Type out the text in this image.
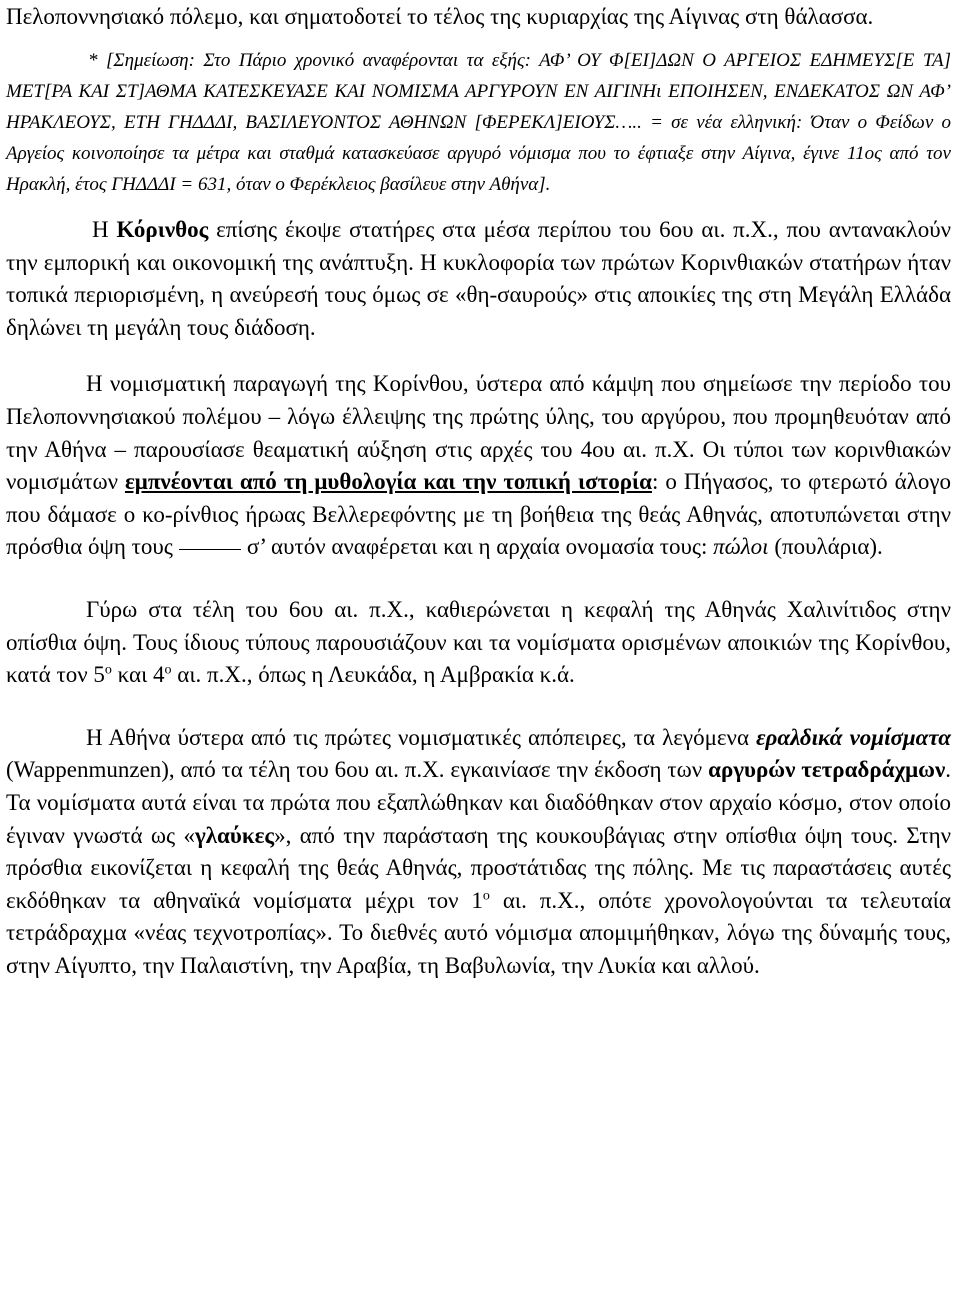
Πελοποννησιακό πόλεμο, και σηματοδοτεί το τέλος της κυριαρχίας της Αίγινας στη θάλασσα.

* [Σημείωση: Στο Πάριο χρονικό αναφέρονται τα εξής: ΑΦ’ ΟΥ Φ[ΕΙ]ΔΩΝ Ο ΑΡΓΕΙΟΣ ΕΔΗΜΕΥΣ[Ε ΤΑ] ΜΕΤ[ΡΑ ΚΑΙ ΣΤ]ΑΘΜΑ ΚΑΤΕΣΚΕΥΑΣΕ ΚΑΙ ΝΟΜΙΣΜΑ ΑΡΓΥΡΟΥΝ ΕΝ ΑΙΓΙΝΗι ΕΠΟΙΗΣΕΝ, ΕΝΔΕΚΑΤΟΣ ΩΝ ΑΦ’ ΗΡΑΚΛΕΟΥΣ, ΕΤΗ ΓΗΔΔΔΙ, ΒΑΣΙΛΕΥΟΝΤΟΣ ΑΘΗΝΩΝ [ΦΕΡΕΚΛ]ΕΙΟΥΣ….. = σε νέα ελληνική: Όταν ο Φείδων ο Αργείος κοινοποίησε τα μέτρα και σταθμά κατασκεύασε αργυρό νόμισμα που το έφτιαξε στην Αίγινα, έγινε 11ος από τον Ηρακλή, έτος ΓΗΔΔΔΙ = 631, όταν ο Φερέκλειος βασίλευε στην Αθήνα].

Η Κόρινθος επίσης έκοψε στατήρες στα μέσα περίπου του 6ου αι. π.Χ., που αντανακλούν την εμπορική και οικονομική της ανάπτυξη. Η κυκλοφορία των πρώτων Κορινθιακών στατήρων ήταν τοπικά περιορισμένη, η ανεύρεσή τους όμως σε «θη-σαυρούς» στις αποικίες της στη Μεγάλη Ελλάδα δηλώνει τη μεγάλη τους διάδοση.

Η νομισματική παραγωγή της Κορίνθου, ύστερα από κάμψη που σημείωσε την περίοδο του Πελοποννησιακού πολέμου – λόγω έλλειψης της πρώτης ύλης, του αργύρου, που προμηθευόταν από την Αθήνα – παρουσίασε θεαματική αύξηση στις αρχές του 4ου αι. π.Χ. Οι τύποι των κορινθιακών νομισμάτων εμπνέονται από τη μυθολογία και την τοπική ιστορία: ο Πήγασος, το φτερωτό άλογο που δάμασε ο κο-ρίνθιος ήρωας Βελλερεφόντης με τη βοήθεια της θεάς Αθηνάς, αποτυπώνεται στην πρόσθια όψη τους	σ’ αυτόν αναφέρεται και η αρχαία ονομασία τους: πώλοι (πουλάρια).

Γύρω στα τέλη του 6ου αι. π.Χ., καθιερώνεται η κεφαλή της Αθηνάς Χαλινίτιδος στην οπίσθια όψη. Τους ίδιους τύπους παρουσιάζουν και τα νομίσματα ορισμένων αποικιών της Κορίνθου, κατά τον $5^o$ και $4^o$ αι. π.Χ., όπως η Λευκάδα, η Αμβρακία κ.ά.

Η Αθήνα ύστερα από τις πρώτες νομισματικές απόπειρες, τα λεγόμενα εραλδικά νομίσματα (Wappenmunzen), από τα τέλη του 6ου αι. π.Χ. εγκαινίασε την έκδοση των αργυρών τετραδράχμων. Τα νομίσματα αυτά είναι τα πρώτα που εξαπλώθηκαν και διαδόθηκαν στον αρχαίο κόσμο, στον οποίο έγιναν γνωστά ως «γλαύκες», από την παράσταση της κουκουβάγιας στην οπίσθια όψη τους. Στην πρόσθια εικονίζεται η κεφαλή της θεάς Αθηνάς, προστάτιδας της πόλης. Με τις παραστάσεις αυτές εκδόθηκαν τα αθηναϊκά νομίσματα μέχρι τον $1^o$ αι. π.Χ., οπότε χρονολογούνται τα τελευταία τετράδραχμα «νέας τεχνοτροπίας». Το διεθνές αυτό νόμισμα απομιμήθηκαν, λόγω της δύναμής τους, στην Αίγυπτο, την Παλαιστίνη, την Αραβία, τη Βαβυλωνία, την Λυκία και αλλού.
